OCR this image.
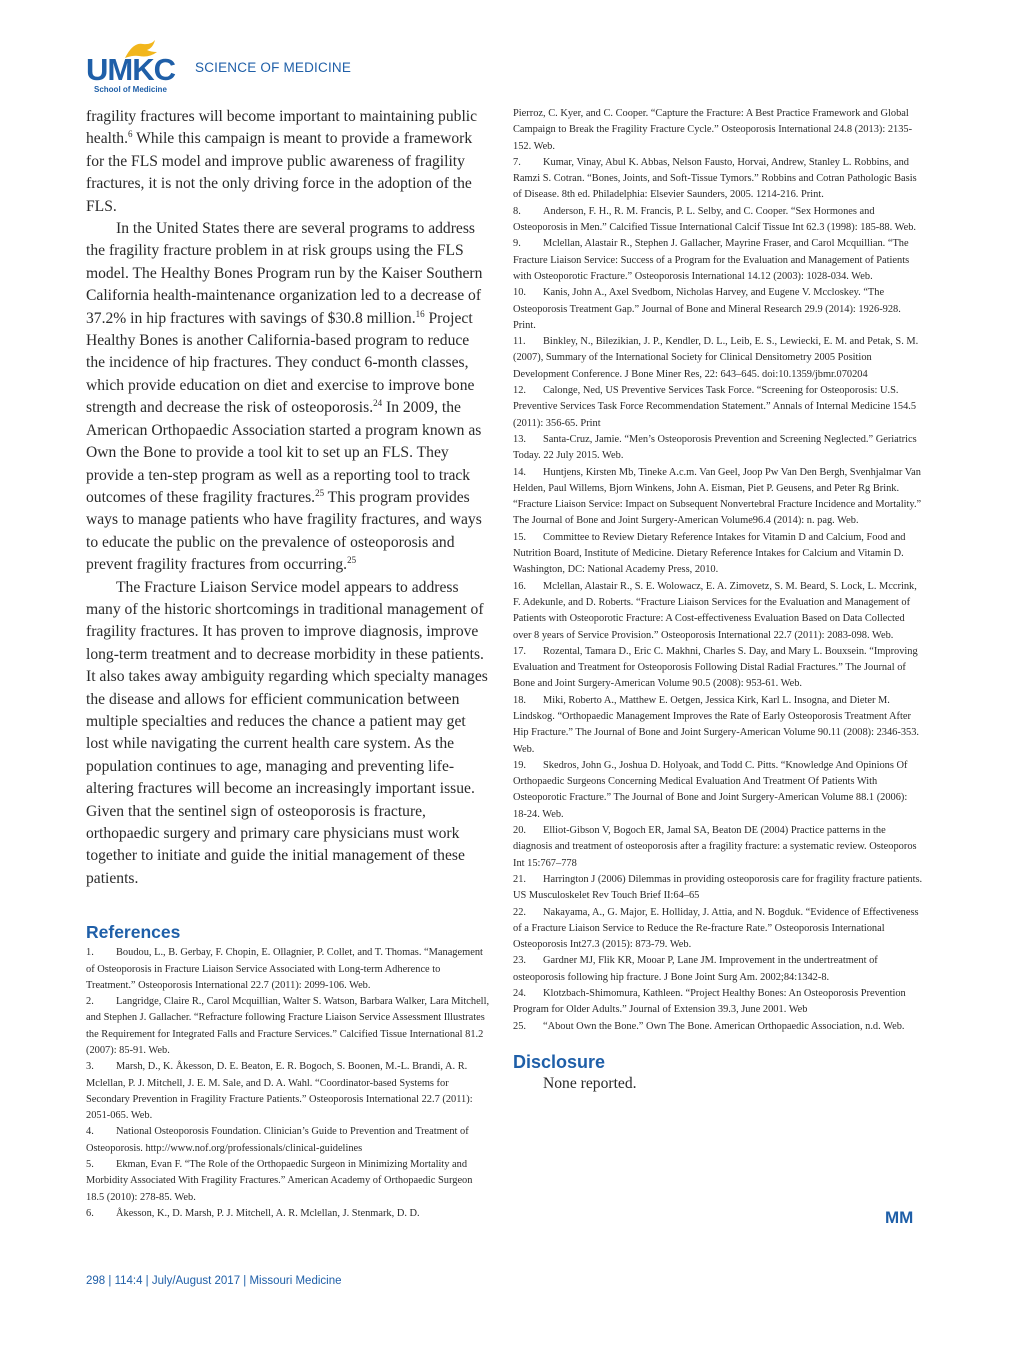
UMKC
School of Medicine
SCIENCE OF MEDICINE

fragility fractures will become important to maintaining public health.$^6$ While this campaign is meant to provide a framework for the FLS model and improve public awareness of fragility fractures, it is not the only driving force in the adoption of the FLS.

In the United States there are several programs to address the fragility fracture problem in at risk groups using the FLS model. The Healthy Bones Program run by the Kaiser Southern California health-maintenance organization led to a decrease of 37.2% in hip fractures with savings of $30.8 million.$^{16}$ Project Healthy Bones is another California-based program to reduce the incidence of hip fractures. They conduct 6-month classes, which provide education on diet and exercise to improve bone strength and decrease the risk of osteoporosis.$^{24}$ In 2009, the American Orthopaedic Association started a program known as Own the Bone to provide a tool kit to set up an FLS. They provide a ten-step program as well as a reporting tool to track outcomes of these fragility fractures.$^{25}$ This program provides ways to manage patients who have fragility fractures, and ways to educate the public on the prevalence of osteoporosis and prevent fragility fractures from occurring.$^{25}$

The Fracture Liaison Service model appears to address many of the historic shortcomings in traditional management of fragility fractures. It has proven to improve diagnosis, improve long-term treatment and to decrease morbidity in these patients. It also takes away ambiguity regarding which specialty manages the disease and allows for efficient communication between multiple specialties and reduces the chance a patient may get lost while navigating the current health care system. As the population continues to age, managing and preventing life-altering fractures will become an increasingly important issue. Given that the sentinel sign of osteoporosis is fracture, orthopaedic surgery and primary care physicians must work together to initiate and guide the initial management of these patients.

References

1. Boudou, L., B. Gerbay, F. Chopin, E. Ollagnier, P. Collet, and T. Thomas. “Management of Osteoporosis in Fracture Liaison Service Associated with Long-term Adherence to Treatment.” Osteoporosis International 22.7 (2011): 2099-106. Web.

2. Langridge, Claire R., Carol Mcquillian, Walter S. Watson, Barbara Walker, Lara Mitchell, and Stephen J. Gallacher. “Refracture following Fracture Liaison Service Assessment Illustrates the Requirement for Integrated Falls and Fracture Services.” Calcified Tissue International 81.2 (2007): 85-91. Web.

3. Marsh, D., K. Åkesson, D. E. Beaton, E. R. Bogoch, S. Boonen, M.-L. Brandi, A. R. Mclellan, P. J. Mitchell, J. E. M. Sale, and D. A. Wahl. “Coordinator-based Systems for Secondary Prevention in Fragility Fracture Patients.” Osteoporosis International 22.7 (2011): 2051-065. Web.

4. National Osteoporosis Foundation. Clinician’s Guide to Prevention and Treatment of Osteoporosis. http://www.nof.org/professionals/clinical-guidelines

5. Ekman, Evan F. “The Role of the Orthopaedic Surgeon in Minimizing Mortality and Morbidity Associated With Fragility Fractures.” American Academy of Orthopaedic Surgeon 18.5 (2010): 278-85. Web.

6. Åkesson, K., D. Marsh, P. J. Mitchell, A. R. Mclellan, J. Stenmark, D. D.

Pierroz, C. Kyer, and C. Cooper. “Capture the Fracture: A Best Practice Framework and Global Campaign to Break the Fragility Fracture Cycle.” Osteoporosis International 24.8 (2013): 2135-152. Web.

7. Kumar, Vinay, Abul K. Abbas, Nelson Fausto, Horvai, Andrew, Stanley L. Robbins, and Ramzi S. Cotran. “Bones, Joints, and Soft-Tissue Tymors.” Robbins and Cotran Pathologic Basis of Disease. 8th ed. Philadelphia: Elsevier Saunders, 2005. 1214-216. Print.

8. Anderson, F. H., R. M. Francis, P. L. Selby, and C. Cooper. “Sex Hormones and Osteoporosis in Men.” Calcified Tissue International Calcif Tissue Int 62.3 (1998): 185-88. Web.

9. Mclellan, Alastair R., Stephen J. Gallacher, Mayrine Fraser, and Carol Mcquillian. “The Fracture Liaison Service: Success of a Program for the Evaluation and Management of Patients with Osteoporotic Fracture.” Osteoporosis International 14.12 (2003): 1028-034. Web.

10. Kanis, John A., Axel Svedbom, Nicholas Harvey, and Eugene V. Mccloskey. “The Osteoporosis Treatment Gap.” Journal of Bone and Mineral Research 29.9 (2014): 1926-928. Print.

11. Binkley, N., Bilezikian, J. P., Kendler, D. L., Leib, E. S., Lewiecki, E. M. and Petak, S. M. (2007), Summary of the International Society for Clinical Densitometry 2005 Position Development Conference. J Bone Miner Res, 22: 643–645. doi:10.1359/jbmr.070204

12. Calonge, Ned, US Preventive Services Task Force. “Screening for Osteoporosis: U.S. Preventive Services Task Force Recommendation Statement.” Annals of Internal Medicine 154.5 (2011): 356-65. Print

13. Santa-Cruz, Jamie. “Men’s Osteoporosis Prevention and Screening Neglected.” Geriatrics Today. 22 July 2015. Web.

14. Huntjens, Kirsten Mb, Tineke A.c.m. Van Geel, Joop Pw Van Den Bergh, Svenhjalmar Van Helden, Paul Willems, Bjorn Winkens, John A. Eisman, Piet P. Geusens, and Peter Rg Brink. “Fracture Liaison Service: Impact on Subsequent Nonvertebral Fracture Incidence and Mortality.” The Journal of Bone and Joint Surgery-American Volume96.4 (2014): n. pag. Web.

15. Committee to Review Dietary Reference Intakes for Vitamin D and Calcium, Food and Nutrition Board, Institute of Medicine. Dietary Reference Intakes for Calcium and Vitamin D. Washington, DC: National Academy Press, 2010.

16. Mclellan, Alastair R., S. E. Wolowacz, E. A. Zimovetz, S. M. Beard, S. Lock, L. Mccrink, F. Adekunle, and D. Roberts. “Fracture Liaison Services for the Evaluation and Management of Patients with Osteoporotic Fracture: A Cost-effectiveness Evaluation Based on Data Collected over 8 years of Service Provision.” Osteoporosis International 22.7 (2011): 2083-098. Web.

17. Rozental, Tamara D., Eric C. Makhni, Charles S. Day, and Mary L. Bouxsein. “Improving Evaluation and Treatment for Osteoporosis Following Distal Radial Fractures.” The Journal of Bone and Joint Surgery-American Volume 90.5 (2008): 953-61. Web.

18. Miki, Roberto A., Matthew E. Oetgen, Jessica Kirk, Karl L. Insogna, and Dieter M. Lindskog. “Orthopaedic Management Improves the Rate of Early Osteoporosis Treatment After Hip Fracture.” The Journal of Bone and Joint Surgery-American Volume 90.11 (2008): 2346-353. Web.

19. Skedros, John G., Joshua D. Holyoak, and Todd C. Pitts. “Knowledge And Opinions Of Orthopaedic Surgeons Concerning Medical Evaluation And Treatment Of Patients With Osteoporotic Fracture.” The Journal of Bone and Joint Surgery-American Volume 88.1 (2006): 18-24. Web.

20. Elliot-Gibson V, Bogoch ER, Jamal SA, Beaton DE (2004) Practice patterns in the diagnosis and treatment of osteoporosis after a fragility fracture: a systematic review. Osteoporos Int 15:767–778

21. Harrington J (2006) Dilemmas in providing osteoporosis care for fragility fracture patients. US Musculoskelet Rev Touch Brief II:64–65

22. Nakayama, A., G. Major, E. Holliday, J. Attia, and N. Bogduk. “Evidence of Effectiveness of a Fracture Liaison Service to Reduce the Re-fracture Rate.” Osteoporosis International Osteoporosis Int27.3 (2015): 873-79. Web.

23. Gardner MJ, Flik KR, Mooar P, Lane JM. Improvement in the undertreatment of osteoporosis following hip fracture. J Bone Joint Surg Am. 2002;84:1342-8.

24. Klotzbach-Shimomura, Kathleen. “Project Healthy Bones: An Osteoporosis Prevention Program for Older Adults.” Journal of Extension 39.3, June 2001. Web

25. “About Own the Bone.” Own The Bone. American Orthopaedic Association, n.d. Web.

Disclosure

None reported.

MM
298 | 114:4 | July/August 2017 | Missouri Medicine
